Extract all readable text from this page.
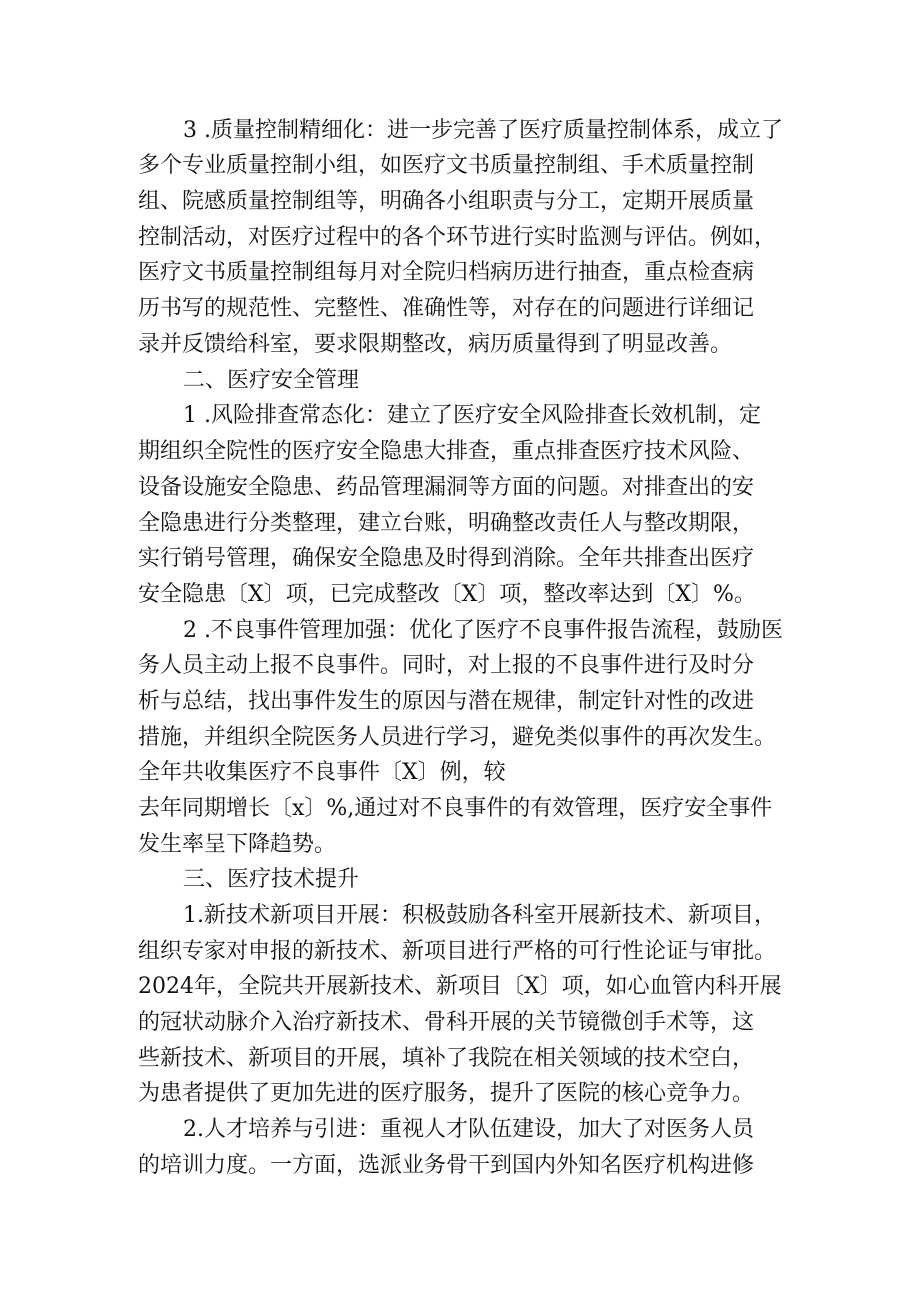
3 .质量控制精细化：进一步完善了医疗质量控制体系，成立了
多个专业质量控制小组，如医疗文书质量控制组、手术质量控制
组、院感质量控制组等，明确各小组职责与分工，定期开展质量
控制活动，对医疗过程中的各个环节进行实时监测与评估。例如，
医疗文书质量控制组每月对全院归档病历进行抽查，重点检查病
历书写的规范性、完整性、准确性等，对存在的问题进行详细记
录并反馈给科室，要求限期整改，病历质量得到了明显改善。
二、医疗安全管理
1 .风险排查常态化：建立了医疗安全风险排查长效机制，定
期组织全院性的医疗安全隐患大排查，重点排查医疗技术风险、
设备设施安全隐患、药品管理漏洞等方面的问题。对排查出的安
全隐患进行分类整理，建立台账，明确整改责任人与整改期限，
实行销号管理，确保安全隐患及时得到消除。全年共排查出医疗
安全隐患〔X〕项，已完成整改〔X〕项，整改率达到〔X〕%。
2 .不良事件管理加强：优化了医疗不良事件报告流程，鼓励医
务人员主动上报不良事件。同时，对上报的不良事件进行及时分
析与总结，找出事件发生的原因与潜在规律，制定针对性的改进
措施，并组织全院医务人员进行学习，避免类似事件的再次发生。
全年共收集医疗不良事件〔X〕例，较
去年同期增长〔x〕%,通过对不良事件的有效管理，医疗安全事件
发生率呈下降趋势。
三、医疗技术提升
1.新技术新项目开展：积极鼓励各科室开展新技术、新项目，
组织专家对申报的新技术、新项目进行严格的可行性论证与审批。
2024年，全院共开展新技术、新项目〔X〕项，如心血管内科开展
的冠状动脉介入治疗新技术、骨科开展的关节镜微创手术等，这
些新技术、新项目的开展，填补了我院在相关领域的技术空白，
为患者提供了更加先进的医疗服务，提升了医院的核心竞争力。
2.人才培养与引进：重视人才队伍建设，加大了对医务人员
的培训力度。一方面，选派业务骨干到国内外知名医疗机构进修
